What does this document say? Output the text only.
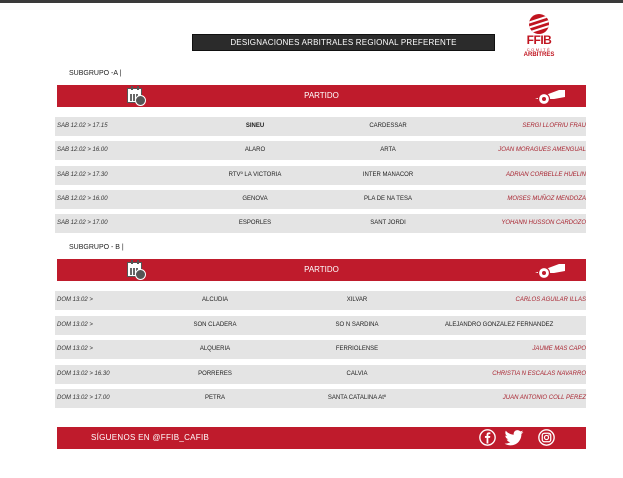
DESIGNACIONES ARBITRALES REGIONAL PREFERENTE	FFIB
COMITÈ
ARBITRES
SUBGRUPO -A |
PARTIDO
SAB 12.02 > 17.15	SINEU	CARDESSAR	SERGI LLOFRIU FRAU
SAB 12.02 > 16.00	ALARO	ARTA	JOAN MORAGUES AMENGUAL
SAB 12.02 > 17.30	RTVº LA VICTORIA	INTER MANACOR	ADRIAN CORBELLE HUELIN
SAB 12.02 > 16.00	GENOVA	PLA DE NA TESA	MOISES MUÑOZ MENDOZA
SAB 12.02 > 17.00	ESPORLES	SANT JORDI	YOHANN HUSSON CARDOZO
SUBGRUPO - B |
PARTIDO
DOM 13.02 >	ALCUDIA	XILVAR	CARLOS AGUILAR ILLAS
DOM 13.02 >	SON CLADERA	SO N SARDINA	ALEJANDRO GONZALEZ FERNANDEZ
DOM 13.02 >	ALQUERIA	FERRIOLENSE	JAUME MAS CAPO
DOM 13.02 > 16.30	PORRERES	CALVIA	CHRISTIA N ESCALAS NAVARRO
DOM 13.02 > 17.00	PETRA	SANTA CATALINA Atº	JUAN ANTONIO COLL PEREZ
SÍGUENOS EN @FFIB_CAFIB
